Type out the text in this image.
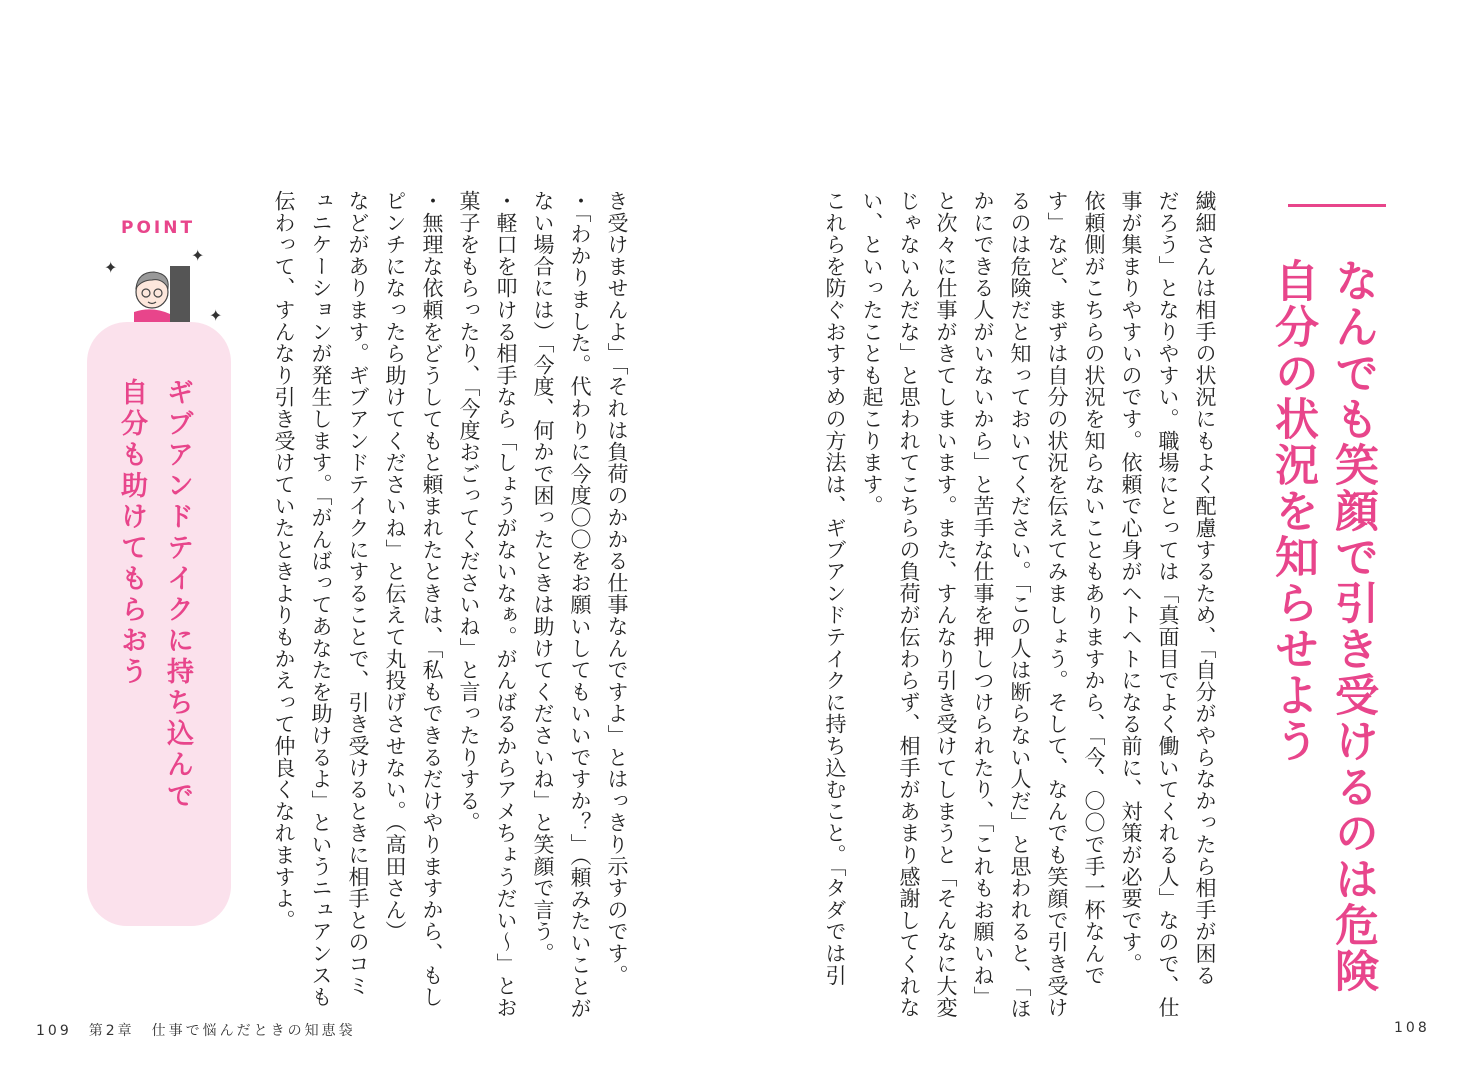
なんでも笑顔で引き受けるのは危険
自分の状況を知らせよう
繊細さんは相手の状況にもよく配慮するため、「自分がやらなかったら相手が困る
だろう」となりやすい。職場にとっては「真面目でよく働いてくれる人」なので、仕
事が集まりやすいのです。依頼で心身がヘトヘトになる前に、対策が必要です。
依頼側がこちらの状況を知らないこともありますから、「今、〇〇で手一杯なんで
す」など、まずは自分の状況を伝えてみましょう。そして、なんでも笑顔で引き受け
るのは危険だと知っておいてください。「この人は断らない人だ」と思われると、「ほ
かにできる人がいないから」と苦手な仕事を押しつけられたり、「これもお願いね」
と次々に仕事がきてしまいます。また、すんなり引き受けてしまうと「そんなに大変
じゃないんだな」と思われてこちらの負荷が伝わらず、相手があまり感謝してくれな
い、といったことも起こります。
これらを防ぐおすすめの方法は、ギブアンドテイクに持ち込むこと。「タダでは引
き受けませんよ」「それは負荷のかかる仕事なんですよ」とはっきり示すのです。
・「わかりました。代わりに今度〇〇をお願いしてもいいですか？」（頼みたいことが
ない場合には）「今度、何かで困ったときは助けてくださいね」と笑顔で言う。
・軽口を叩ける相手なら「しょうがないなぁ。がんばるからアメちょうだい〜」とお
菓子をもらったり、「今度おごってくださいね」と言ったりする。
・無理な依頼をどうしてもと頼まれたときは、「私もできるだけやりますから、もし
ピンチになったら助けてくださいね」と伝えて丸投げさせない。（高田さん）
などがあります。ギブアンドテイクにすることで、引き受けるときに相手とのコミ
ュニケーションが発生します。「がんばってあなたを助けるよ」というニュアンスも
伝わって、すんなり引き受けていたときよりもかえって仲良くなれますよ。
POINT
✦
✦
✦
ギブアンドテイクに持ち込んで
自分も助けてもらおう
109　第2章　仕事で悩んだときの知恵袋	108
